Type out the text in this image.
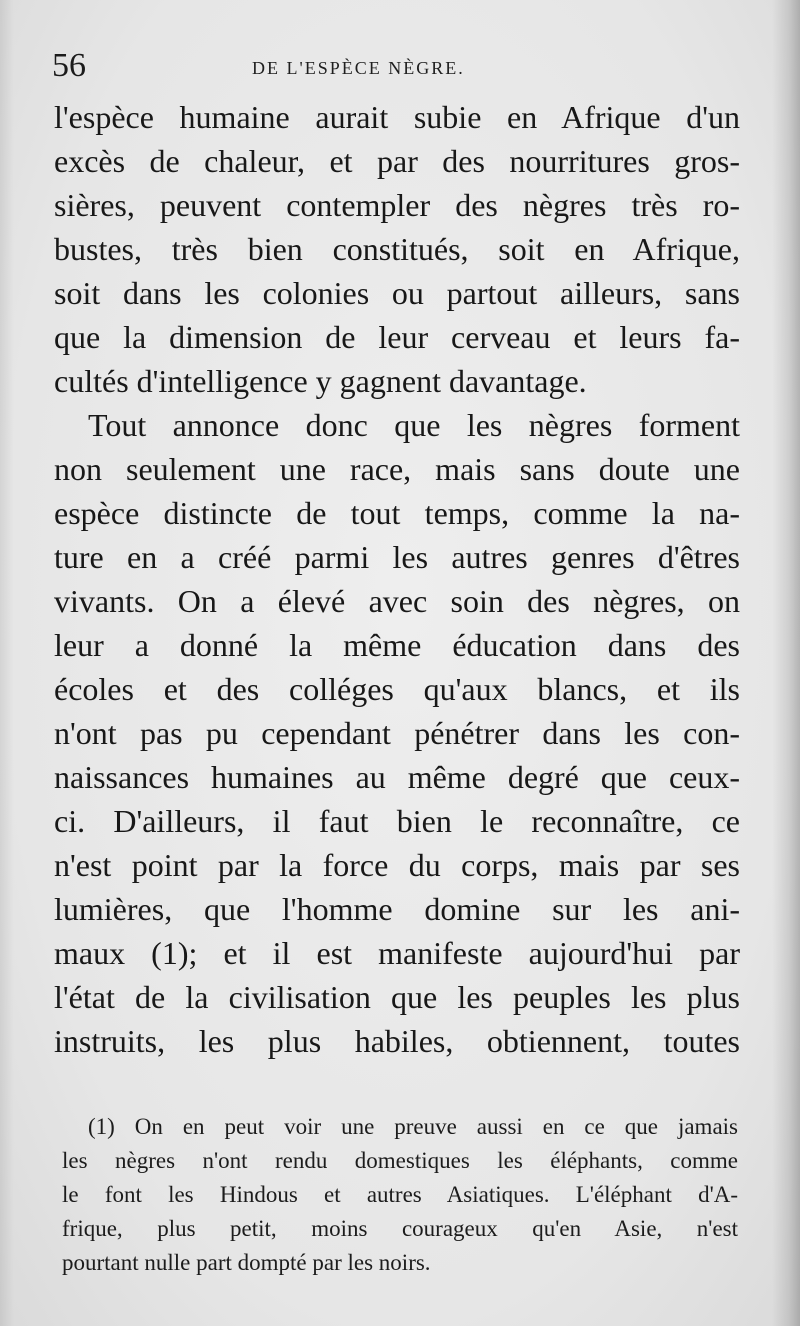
56	DE L'ESPÈCE NÈGRE.
l'espèce humaine aurait subie en Afrique d'un
excès de chaleur, et par des nourritures gros-
sières, peuvent contempler des nègres très ro-
bustes, très bien constitués, soit en Afrique,
soit dans les colonies ou partout ailleurs, sans
que la dimension de leur cerveau et leurs fa-
cultés d'intelligence y gagnent davantage.
Tout annonce donc que les nègres forment
non seulement une race, mais sans doute une
espèce distincte de tout temps, comme la na-
ture en a créé parmi les autres genres d'êtres
vivants. On a élevé avec soin des nègres, on
leur a donné la même éducation dans des
écoles et des colléges qu'aux blancs, et ils
n'ont pas pu cependant pénétrer dans les con-
naissances humaines au même degré que ceux-
ci. D'ailleurs, il faut bien le reconnaître, ce
n'est point par la force du corps, mais par ses
lumières, que l'homme domine sur les ani-
maux (1); et il est manifeste aujourd'hui par
l'état de la civilisation que les peuples les plus
instruits, les plus habiles, obtiennent, toutes
(1) On en peut voir une preuve aussi en ce que jamais
les nègres n'ont rendu domestiques les éléphants, comme
le font les Hindous et autres Asiatiques. L'éléphant d'A-
frique, plus petit, moins courageux qu'en Asie, n'est
pourtant nulle part dompté par les noirs.
